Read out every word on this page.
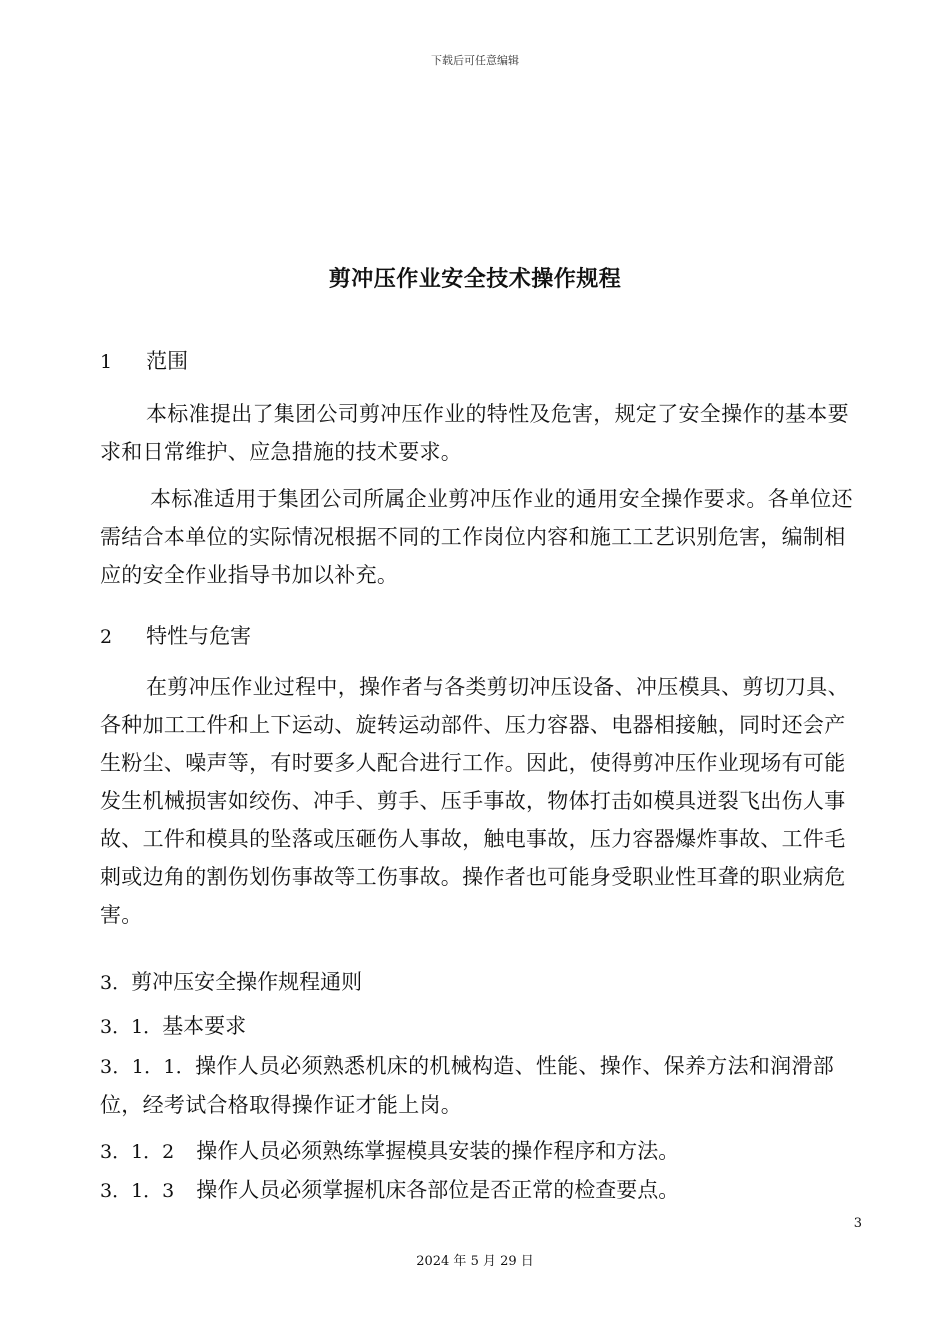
下载后可任意编辑
剪冲压作业安全技术操作规程
1 范围
本标准提出了集团公司剪冲压作业的特性及危害，规定了安全操作的基本要求和日常维护、应急措施的技术要求。
本标准适用于集团公司所属企业剪冲压作业的通用安全操作要求。各单位还需结合本单位的实际情况根据不同的工作岗位内容和施工工艺识别危害，编制相应的安全作业指导书加以补充。
2 特性与危害
在剪冲压作业过程中，操作者与各类剪切冲压设备、冲压模具、剪切刀具、各种加工工件和上下运动、旋转运动部件、压力容器、电器相接触，同时还会产生粉尘、噪声等，有时要多人配合进行工作。因此，使得剪冲压作业现场有可能发生机械损害如绞伤、冲手、剪手、压手事故，物体打击如模具迸裂飞出伤人事故、工件和模具的坠落或压砸伤人事故，触电事故，压力容器爆炸事故、工件毛刺或边角的割伤划伤事故等工伤事故。操作者也可能身受职业性耳聋的职业病危害。
3．剪冲压安全操作规程通则
3．1．基本要求
3．1．1．操作人员必须熟悉机床的机械构造、性能、操作、保养方法和润滑部位，经考试合格取得操作证才能上岗。
3．1．2 操作人员必须熟练掌握模具安装的操作程序和方法。
3．1．3 操作人员必须掌握机床各部位是否正常的检查要点。
3
2024 年 5 月 29 日
